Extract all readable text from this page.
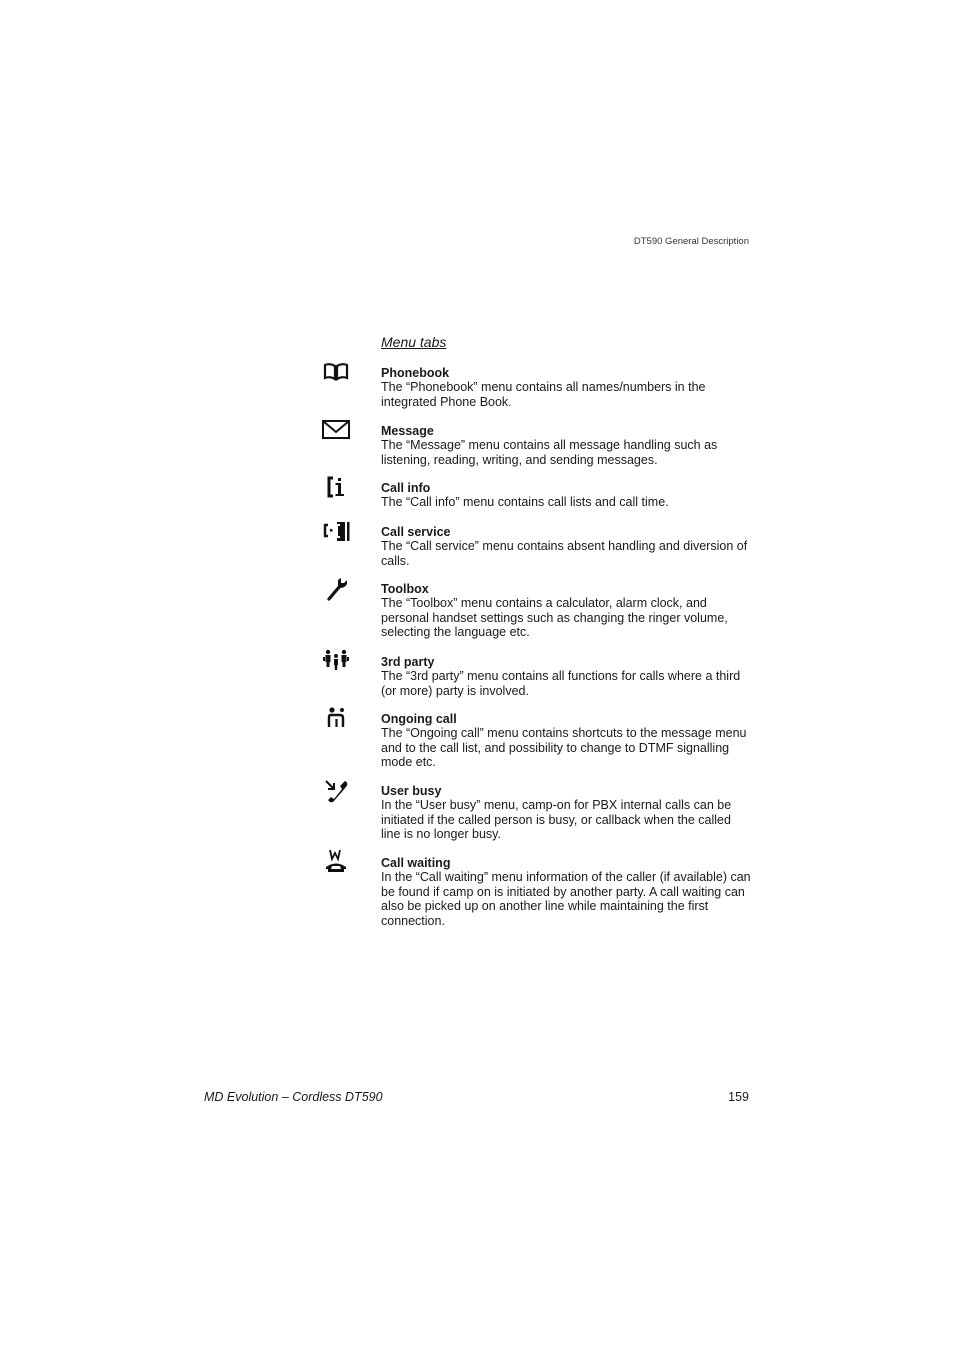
DT590 General Description
Menu tabs

Phonebook

The “Phonebook” menu contains all names/numbers in the integrated Phone Book.

Message

The “Message” menu contains all message handling such as listening, reading, writing, and sending messages.

Call info

The “Call info” menu contains call lists and call time.

Call service

The “Call service” menu contains absent handling and diversion of calls.

Toolbox

The “Toolbox” menu contains a calculator, alarm clock, and personal handset settings such as changing the ringer volume, selecting the language etc.

3rd party

The “3rd party” menu contains all functions for calls where a third (or more) party is involved.

Ongoing call

The “Ongoing call” menu contains shortcuts to the message menu and to the call list, and possibility to change to DTMF signalling mode etc.

User busy

In the “User busy” menu, camp-on for PBX internal calls can be initiated if the called person is busy, or callback when the called line is no longer busy.

Call waiting

In the “Call waiting” menu information of the caller (if available) can be found if camp on is initiated by another party. A call waiting can also be picked up on another line while maintaining the first connection.

MD Evolution – Cordless DT590	159
